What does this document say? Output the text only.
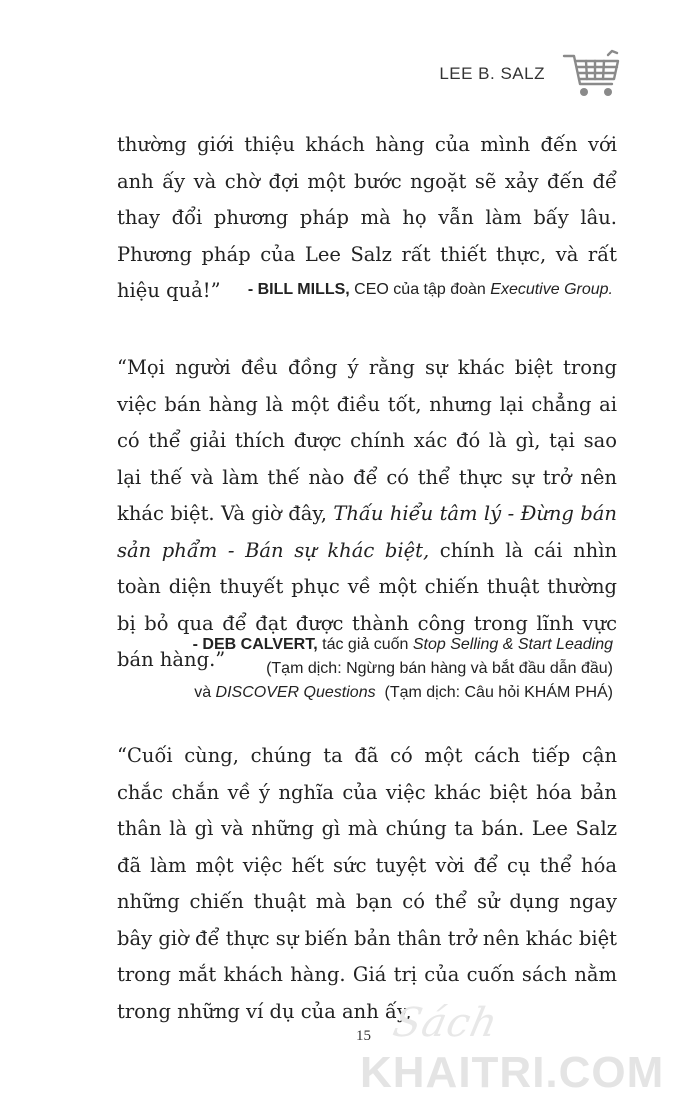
LEE B. SALZ

thường giới thiệu khách hàng của mình đến với anh ấy và chờ đợi một bước ngoặt sẽ xảy đến để thay đổi phương pháp mà họ vẫn làm bấy lâu. Phương pháp của Lee Salz rất thiết thực, và rất hiệu quả!”	- BILL MILLS, CEO của tập đoàn Executive Group.

“Mọi người đều đồng ý rằng sự khác biệt trong việc bán hàng là một điều tốt, nhưng lại chẳng ai có thể giải thích được chính xác đó là gì, tại sao lại thế và làm thế nào để có thể thực sự trở nên khác biệt. Và giờ đây, Thấu hiểu tâm lý - Đừng bán sản phẩm - Bán sự khác biệt, chính là cái nhìn toàn diện thuyết phục về một chiến thuật thường bị bỏ qua để đạt được thành công trong lĩnh vực bán hàng.”

- DEB CALVERT, tác giả cuốn Stop Selling & Start Leading
(Tạm dịch: Ngừng bán hàng và bắt đầu dẫn đầu)
và DISCOVER Questions  (Tạm dịch: Câu hỏi KHÁM PHÁ)

“Cuối cùng, chúng ta đã có một cách tiếp cận chắc chắn về ý nghĩa của việc khác biệt hóa bản thân là gì và những gì mà chúng ta bán. Lee Salz đã làm một việc hết sức tuyệt vời để cụ thể hóa những chiến thuật mà bạn có thể sử dụng ngay bây giờ để thực sự biến bản thân trở nên khác biệt trong mắt khách hàng. Giá trị của cuốn sách nằm trong những ví dụ của anh ấy,

15 Sách
KHAITRI.COM
